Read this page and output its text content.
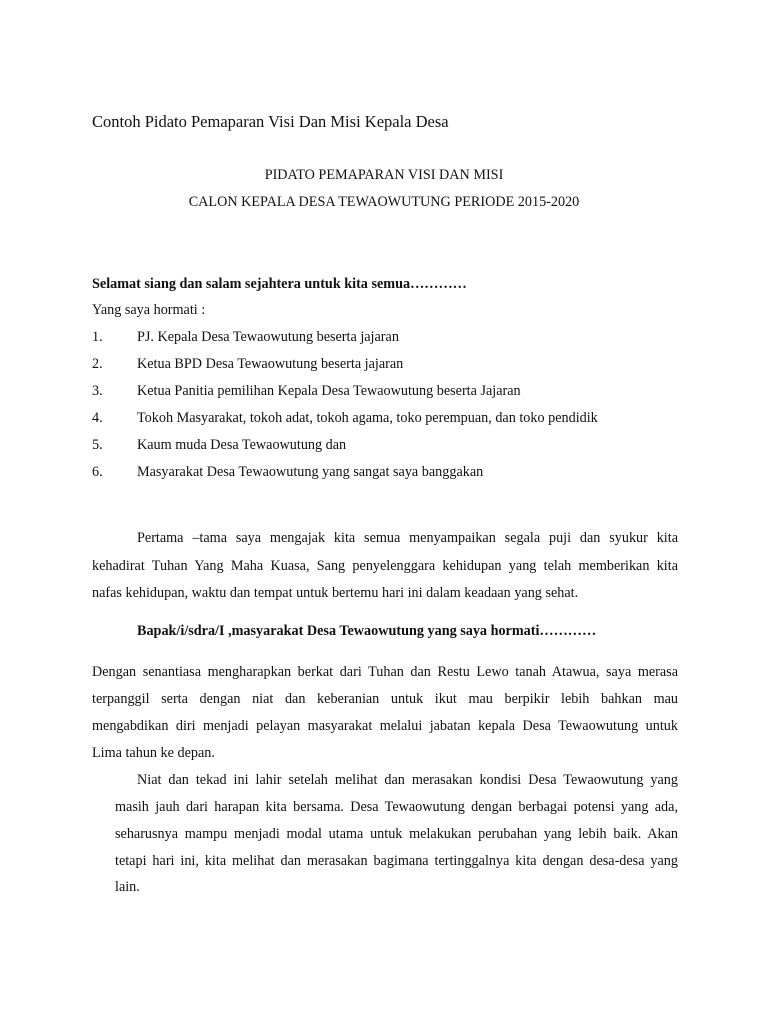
Contoh Pidato Pemaparan Visi Dan Misi Kepala Desa

PIDATO PEMAPARAN VISI DAN MISI

CALON KEPALA DESA TEWAOWUTUNG PERIODE 2015-2020

Selamat siang dan salam sejahtera untuk kita semua…………

Yang saya hormati :

1. PJ. Kepala Desa Tewaowutung beserta jajaran
2. Ketua BPD Desa Tewaowutung beserta jajaran
3. Ketua Panitia pemilihan Kepala Desa Tewaowutung beserta Jajaran
4. Tokoh Masyarakat, tokoh adat, tokoh agama, toko perempuan, dan toko pendidik
5. Kaum muda Desa Tewaowutung dan
6. Masyarakat Desa Tewaowutung yang sangat saya banggakan

Pertama –tama saya mengajak kita semua menyampaikan segala puji dan syukur kita

kehadirat Tuhan Yang Maha Kuasa, Sang penyelenggara kehidupan yang telah memberikan kita

nafas kehidupan, waktu dan tempat untuk bertemu hari ini dalam keadaan yang sehat.

Bapak/i/sdra/I ,masyarakat Desa Tewaowutung yang saya hormati…………

Dengan senantiasa mengharapkan berkat dari Tuhan dan Restu Lewo tanah Atawua, saya merasa

terpanggil serta dengan niat dan keberanian untuk ikut mau berpikir lebih bahkan mau

mengabdikan diri menjadi pelayan masyarakat melalui jabatan kepala Desa Tewaowutung untuk

Lima tahun ke depan.

Niat dan tekad ini lahir setelah melihat dan merasakan kondisi Desa Tewaowutung yang

masih jauh dari harapan kita bersama. Desa Tewaowutung dengan berbagai potensi yang ada,

seharusnya mampu menjadi modal utama untuk melakukan perubahan yang lebih baik. Akan

tetapi hari ini, kita melihat dan merasakan bagimana tertinggalnya kita dengan desa-desa yang

lain.
